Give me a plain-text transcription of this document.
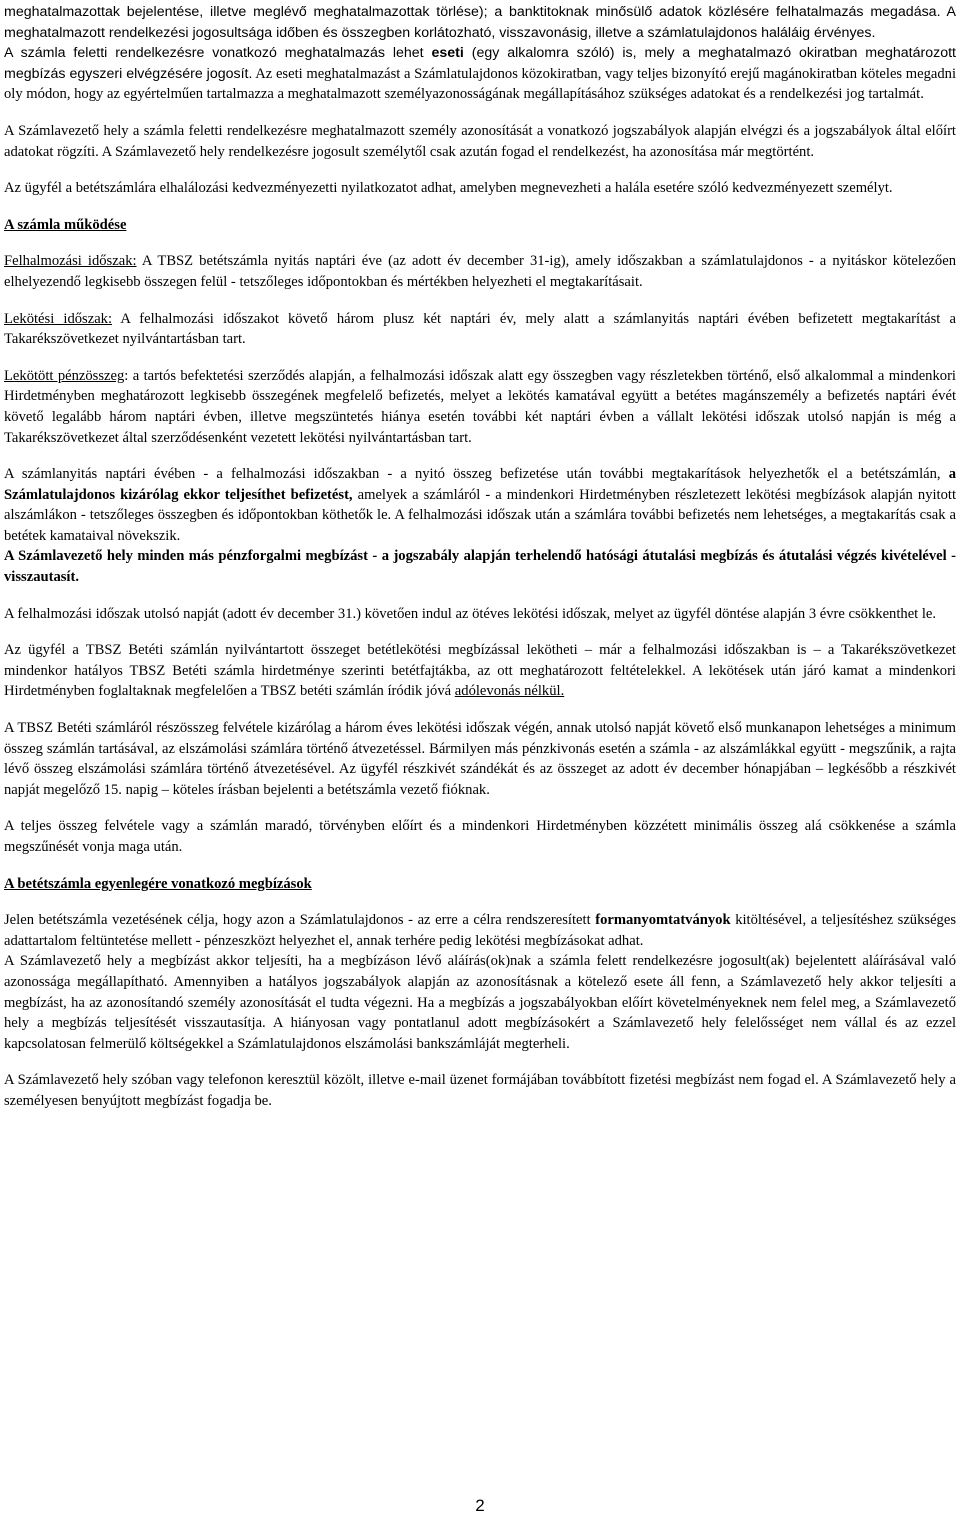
meghatalmazottak bejelentése, illetve meglévő meghatalmazottak törlése); a banktitoknak minősülő adatok közlésére felhatalmazás megadása. A meghatalmazott rendelkezési jogosultsága időben és összegben korlátozható, visszavonásig, illetve a számlatulajdonos haláláig érvényes.

A számla feletti rendelkezésre vonatkozó meghatalmazás lehet eseti (egy alkalomra szóló) is, mely a meghatalmazó okiratban meghatározott megbízás egyszeri elvégzésére jogosít. Az eseti meghatalmazást a Számlatulajdonos közokiratban, vagy teljes bizonyító erejű magánokiratban köteles megadni oly módon, hogy az egyértelműen tartalmazza a meghatalmazott személyazonosságának megállapításához szükséges adatokat és a rendelkezési jog tartalmát.

A Számlavezető hely a számla feletti rendelkezésre meghatalmazott személy azonosítását a vonatkozó jogszabályok alapján elvégzi és a jogszabályok által előírt adatokat rögzíti. A Számlavezető hely rendelkezésre jogosult személytől csak azután fogad el rendelkezést, ha azonosítása már megtörtént.

Az ügyfél a betétszámlára elhalálozási kedvezményezetti nyilatkozatot adhat, amelyben megnevezheti a halála esetére szóló kedvezményezett személyt.

A számla működése

Felhalmozási időszak: A TBSZ betétszámla nyitás naptári éve (az adott év december 31-ig), amely időszakban a számlatulajdonos - a nyitáskor kötelezően elhelyezendő legkisebb összegen felül - tetszőleges időpontokban és mértékben helyezheti el megtakarításait.

Lekötési időszak: A felhalmozási időszakot követő három plusz két naptári év, mely alatt a számlanyitás naptári évében befizetett megtakarítást a Takarékszövetkezet nyilvántartásban tart.

Lekötött pénzösszeg: a tartós befektetési szerződés alapján, a felhalmozási időszak alatt egy összegben vagy részletekben történő, első alkalommal a mindenkori Hirdetményben meghatározott legkisebb összegének megfelelő befizetés, melyet a lekötés kamatával együtt a betétes magánszemély a befizetés naptári évét követő legalább három naptári évben, illetve megszüntetés hiánya esetén további két naptári évben a vállalt lekötési időszak utolsó napján is még a Takarékszövetkezet által szerződésenként vezetett lekötési nyilvántartásban tart.

A számlanyitás naptári évében - a felhalmozási időszakban - a nyitó összeg befizetése után további megtakarítások helyezhetők el a betétszámlán, a Számlatulajdonos kizárólag ekkor teljesíthet befizetést, amelyek a számláról - a mindenkori Hirdetményben részletezett lekötési megbízások alapján nyitott alszámlákon - tetszőleges összegben és időpontokban köthetők le. A felhalmozási időszak után a számlára további befizetés nem lehetséges, a megtakarítás csak a betétek kamataival növekszik.
A Számlavezető hely minden más pénzforgalmi megbízást - a jogszabály alapján terhelendő hatósági átutalási megbízás és átutalási végzés kivételével - visszautasít.

A felhalmozási időszak utolsó napját (adott év december 31.) követően indul az ötéves lekötési időszak, melyet az ügyfél döntése alapján 3 évre csökkenthet le.

Az ügyfél a TBSZ Betéti számlán nyilvántartott összeget betétlekötési megbízással lekötheti – már a felhalmozási időszakban is – a Takarékszövetkezet mindenkor hatályos TBSZ Betéti számla hirdetménye szerinti betétfajtákba, az ott meghatározott feltételekkel. A lekötések után járó kamat a mindenkori Hirdetményben foglaltaknak megfelelően a TBSZ betéti számlán íródik jóvá adólevonás nélkül.

A TBSZ Betéti számláról részösszeg felvétele kizárólag a három éves lekötési időszak végén, annak utolsó napját követő első munkanapon lehetséges a minimum összeg számlán tartásával, az elszámolási számlára történő átvezetéssel. Bármilyen más pénzkivonás esetén a számla - az alszámlákkal együtt - megszűnik, a rajta lévő összeg elszámolási számlára történő átvezetésével. Az ügyfél részkivét szándékát és az összeget az adott év december hónapjában – legkésőbb a részkivét napját megelőző 15. napig – köteles írásban bejelenti a betétszámla vezető fióknak.

A teljes összeg felvétele vagy a számlán maradó, törvényben előírt és a mindenkori Hirdetményben közzétett minimális összeg alá csökkenése a számla megszűnését vonja maga után.

A betétszámla egyenlegére vonatkozó megbízások

Jelen betétszámla vezetésének célja, hogy azon a Számlatulajdonos - az erre a célra rendszeresített formanyomtatványok kitöltésével, a teljesítéshez szükséges adattartalom feltüntetése mellett - pénzeszközt helyezhet el, annak terhére pedig lekötési megbízásokat adhat.

A Számlavezető hely a megbízást akkor teljesíti, ha a megbízáson lévő aláírás(ok)nak a számla felett rendelkezésre jogosult(ak) bejelentett aláírásával való azonossága megállapítható. Amennyiben a hatályos jogszabályok alapján az azonosításnak a kötelező esete áll fenn, a Számlavezető hely akkor teljesíti a megbízást, ha az azonosítandó személy azonosítását el tudta végezni. Ha a megbízás a jogszabályokban előírt követelményeknek nem felel meg, a Számlavezető hely a megbízás teljesítését visszautasítja. A hiányosan vagy pontatlanul adott megbízásokért a Számlavezető hely felelősséget nem vállal és az ezzel kapcsolatosan felmerülő költségekkel a Számlatulajdonos elszámolási bankszámláját megterheli.

A Számlavezető hely szóban vagy telefonon keresztül közölt, illetve e-mail üzenet formájában továbbított fizetési megbízást nem fogad el. A Számlavezető hely a személyesen benyújtott megbízást fogadja be.

2
